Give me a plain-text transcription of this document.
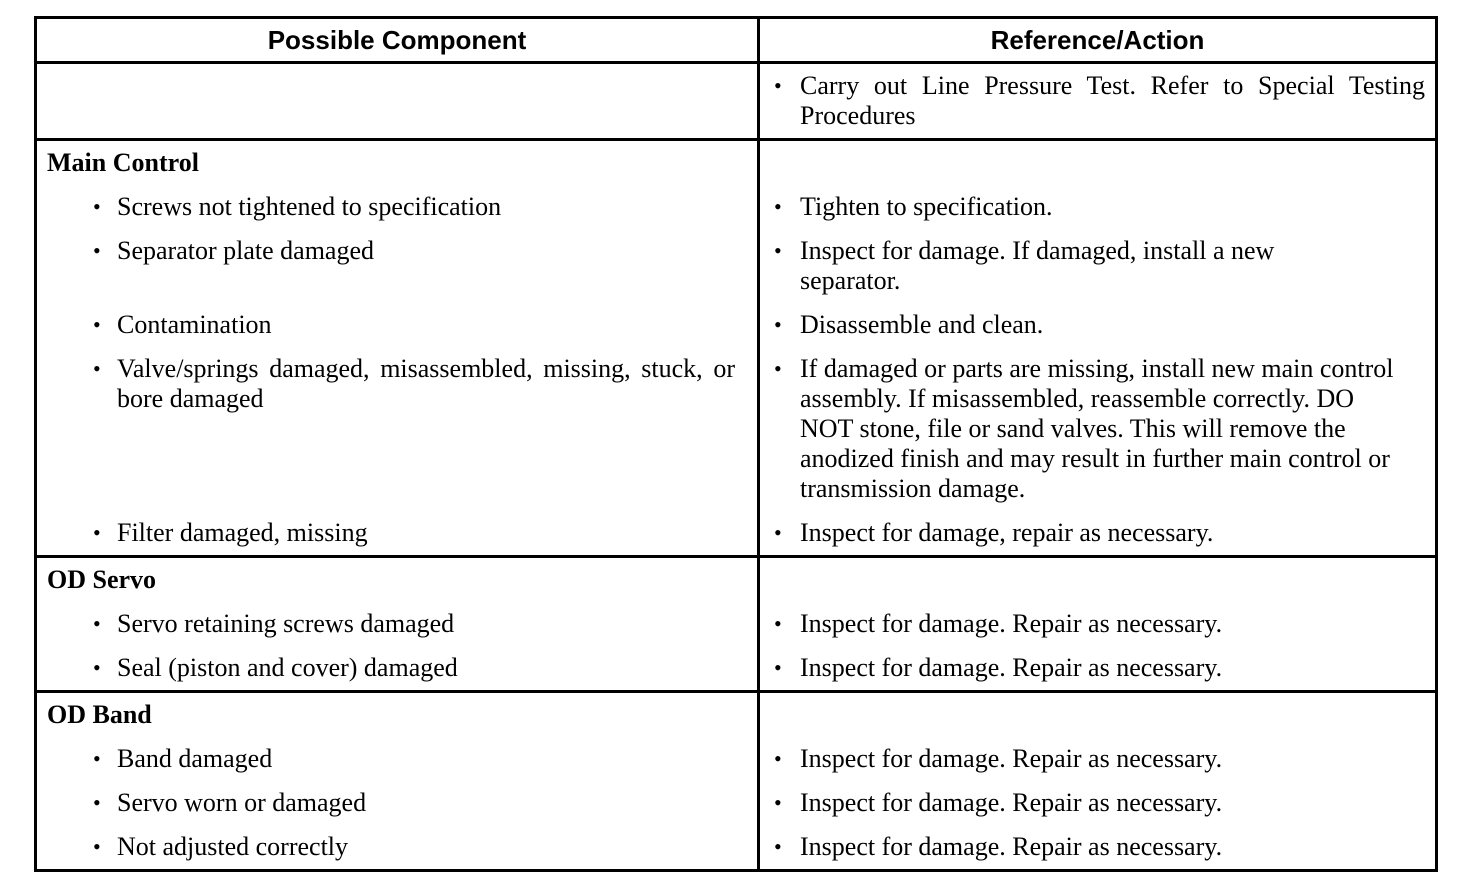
Possible Component	Reference/Action

	• Carry out Line Pressure Test. Refer to Special Testing Procedures

Main Control	

• Screws not tightened to specification	• Tighten to specification.

• Separator plate damaged	• Inspect for damage. If damaged, install a new separator.

• Contamination	• Disassemble and clean.

• Valve/springs damaged, misassembled, missing, stuck, or bore damaged	• If damaged or parts are missing, install new main control assembly. If misassembled, reassemble correctly. DO NOT stone, file or sand valves. This will remove the anodized finish and may result in further main control or transmission damage.

• Filter damaged, missing	• Inspect for damage, repair as necessary.

OD Servo	

• Servo retaining screws damaged	• Inspect for damage. Repair as necessary.

• Seal (piston and cover) damaged	• Inspect for damage. Repair as necessary.

OD Band	

• Band damaged	• Inspect for damage. Repair as necessary.

• Servo worn or damaged	• Inspect for damage. Repair as necessary.

• Not adjusted correctly	• Inspect for damage. Repair as necessary.
